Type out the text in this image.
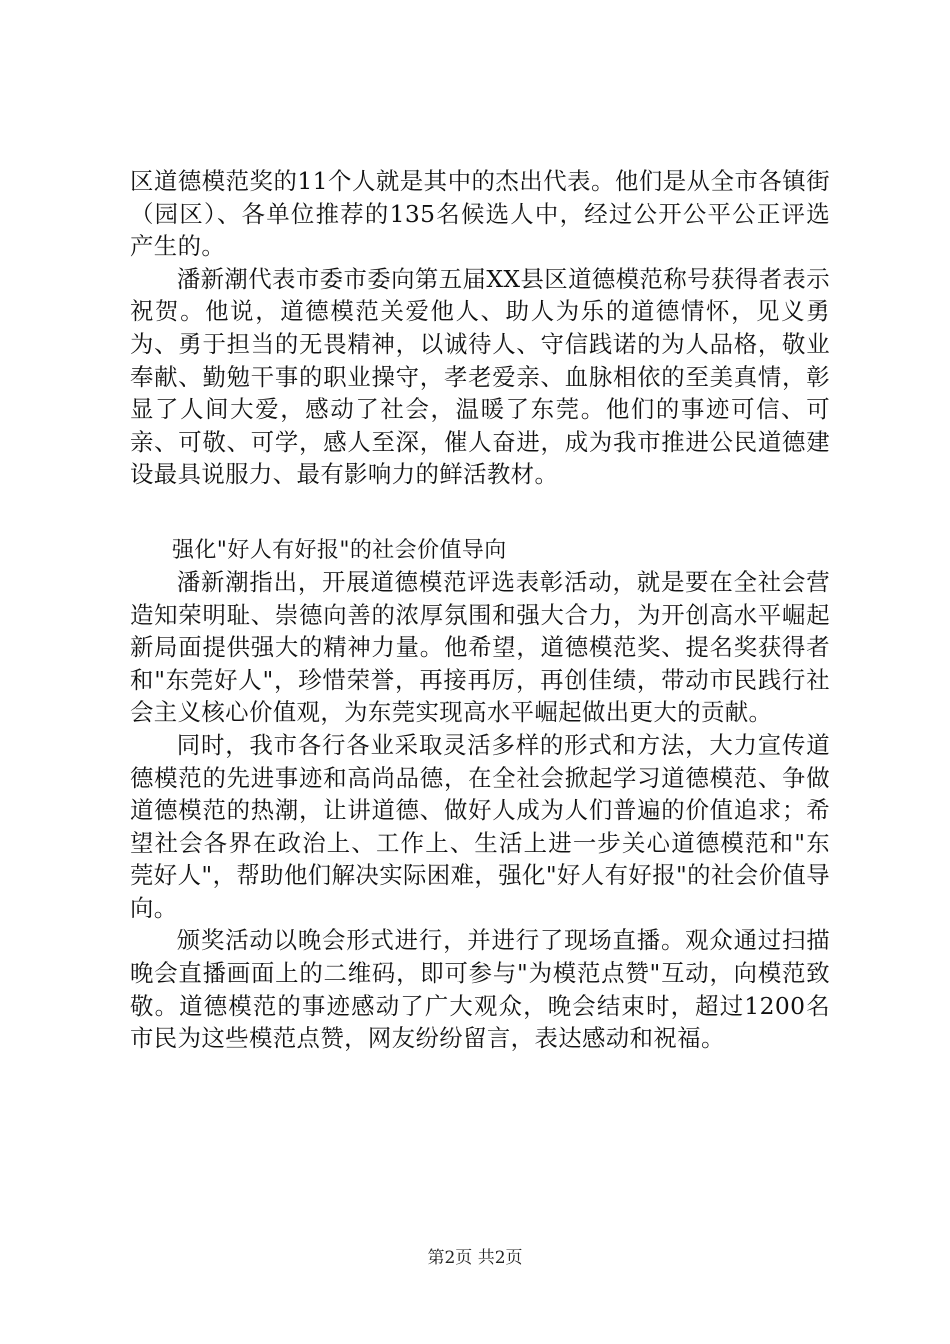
区道德模范奖的11个人就是其中的杰出代表。他们是从全市各镇街（园区）、各单位推荐的135名候选人中，经过公开公平公正评选产生的。

潘新潮代表市委市委向第五届XX县区道德模范称号获得者表示祝贺。他说，道德模范关爱他人、助人为乐的道德情怀，见义勇为、勇于担当的无畏精神，以诚待人、守信践诺的为人品格，敬业奉献、勤勉干事的职业操守，孝老爱亲、血脉相依的至美真情，彰显了人间大爱，感动了社会，温暖了东莞。他们的事迹可信、可亲、可敬、可学，感人至深，催人奋进，成为我市推进公民道德建设最具说服力、最有影响力的鲜活教材。

强化"好人有好报"的社会价值导向

潘新潮指出，开展道德模范评选表彰活动，就是要在全社会营造知荣明耻、崇德向善的浓厚氛围和强大合力，为开创高水平崛起新局面提供强大的精神力量。他希望，道德模范奖、提名奖获得者和"东莞好人"，珍惜荣誉，再接再厉，再创佳绩，带动市民践行社会主义核心价值观，为东莞实现高水平崛起做出更大的贡献。

同时，我市各行各业采取灵活多样的形式和方法，大力宣传道德模范的先进事迹和高尚品德，在全社会掀起学习道德模范、争做道德模范的热潮，让讲道德、做好人成为人们普遍的价值追求；希望社会各界在政治上、工作上、生活上进一步关心道德模范和"东莞好人"，帮助他们解决实际困难，强化"好人有好报"的社会价值导向。

颁奖活动以晚会形式进行，并进行了现场直播。观众通过扫描晚会直播画面上的二维码，即可参与"为模范点赞"互动，向模范致敬。道德模范的事迹感动了广大观众，晚会结束时，超过1200名市民为这些模范点赞，网友纷纷留言，表达感动和祝福。

第2页 共2页
